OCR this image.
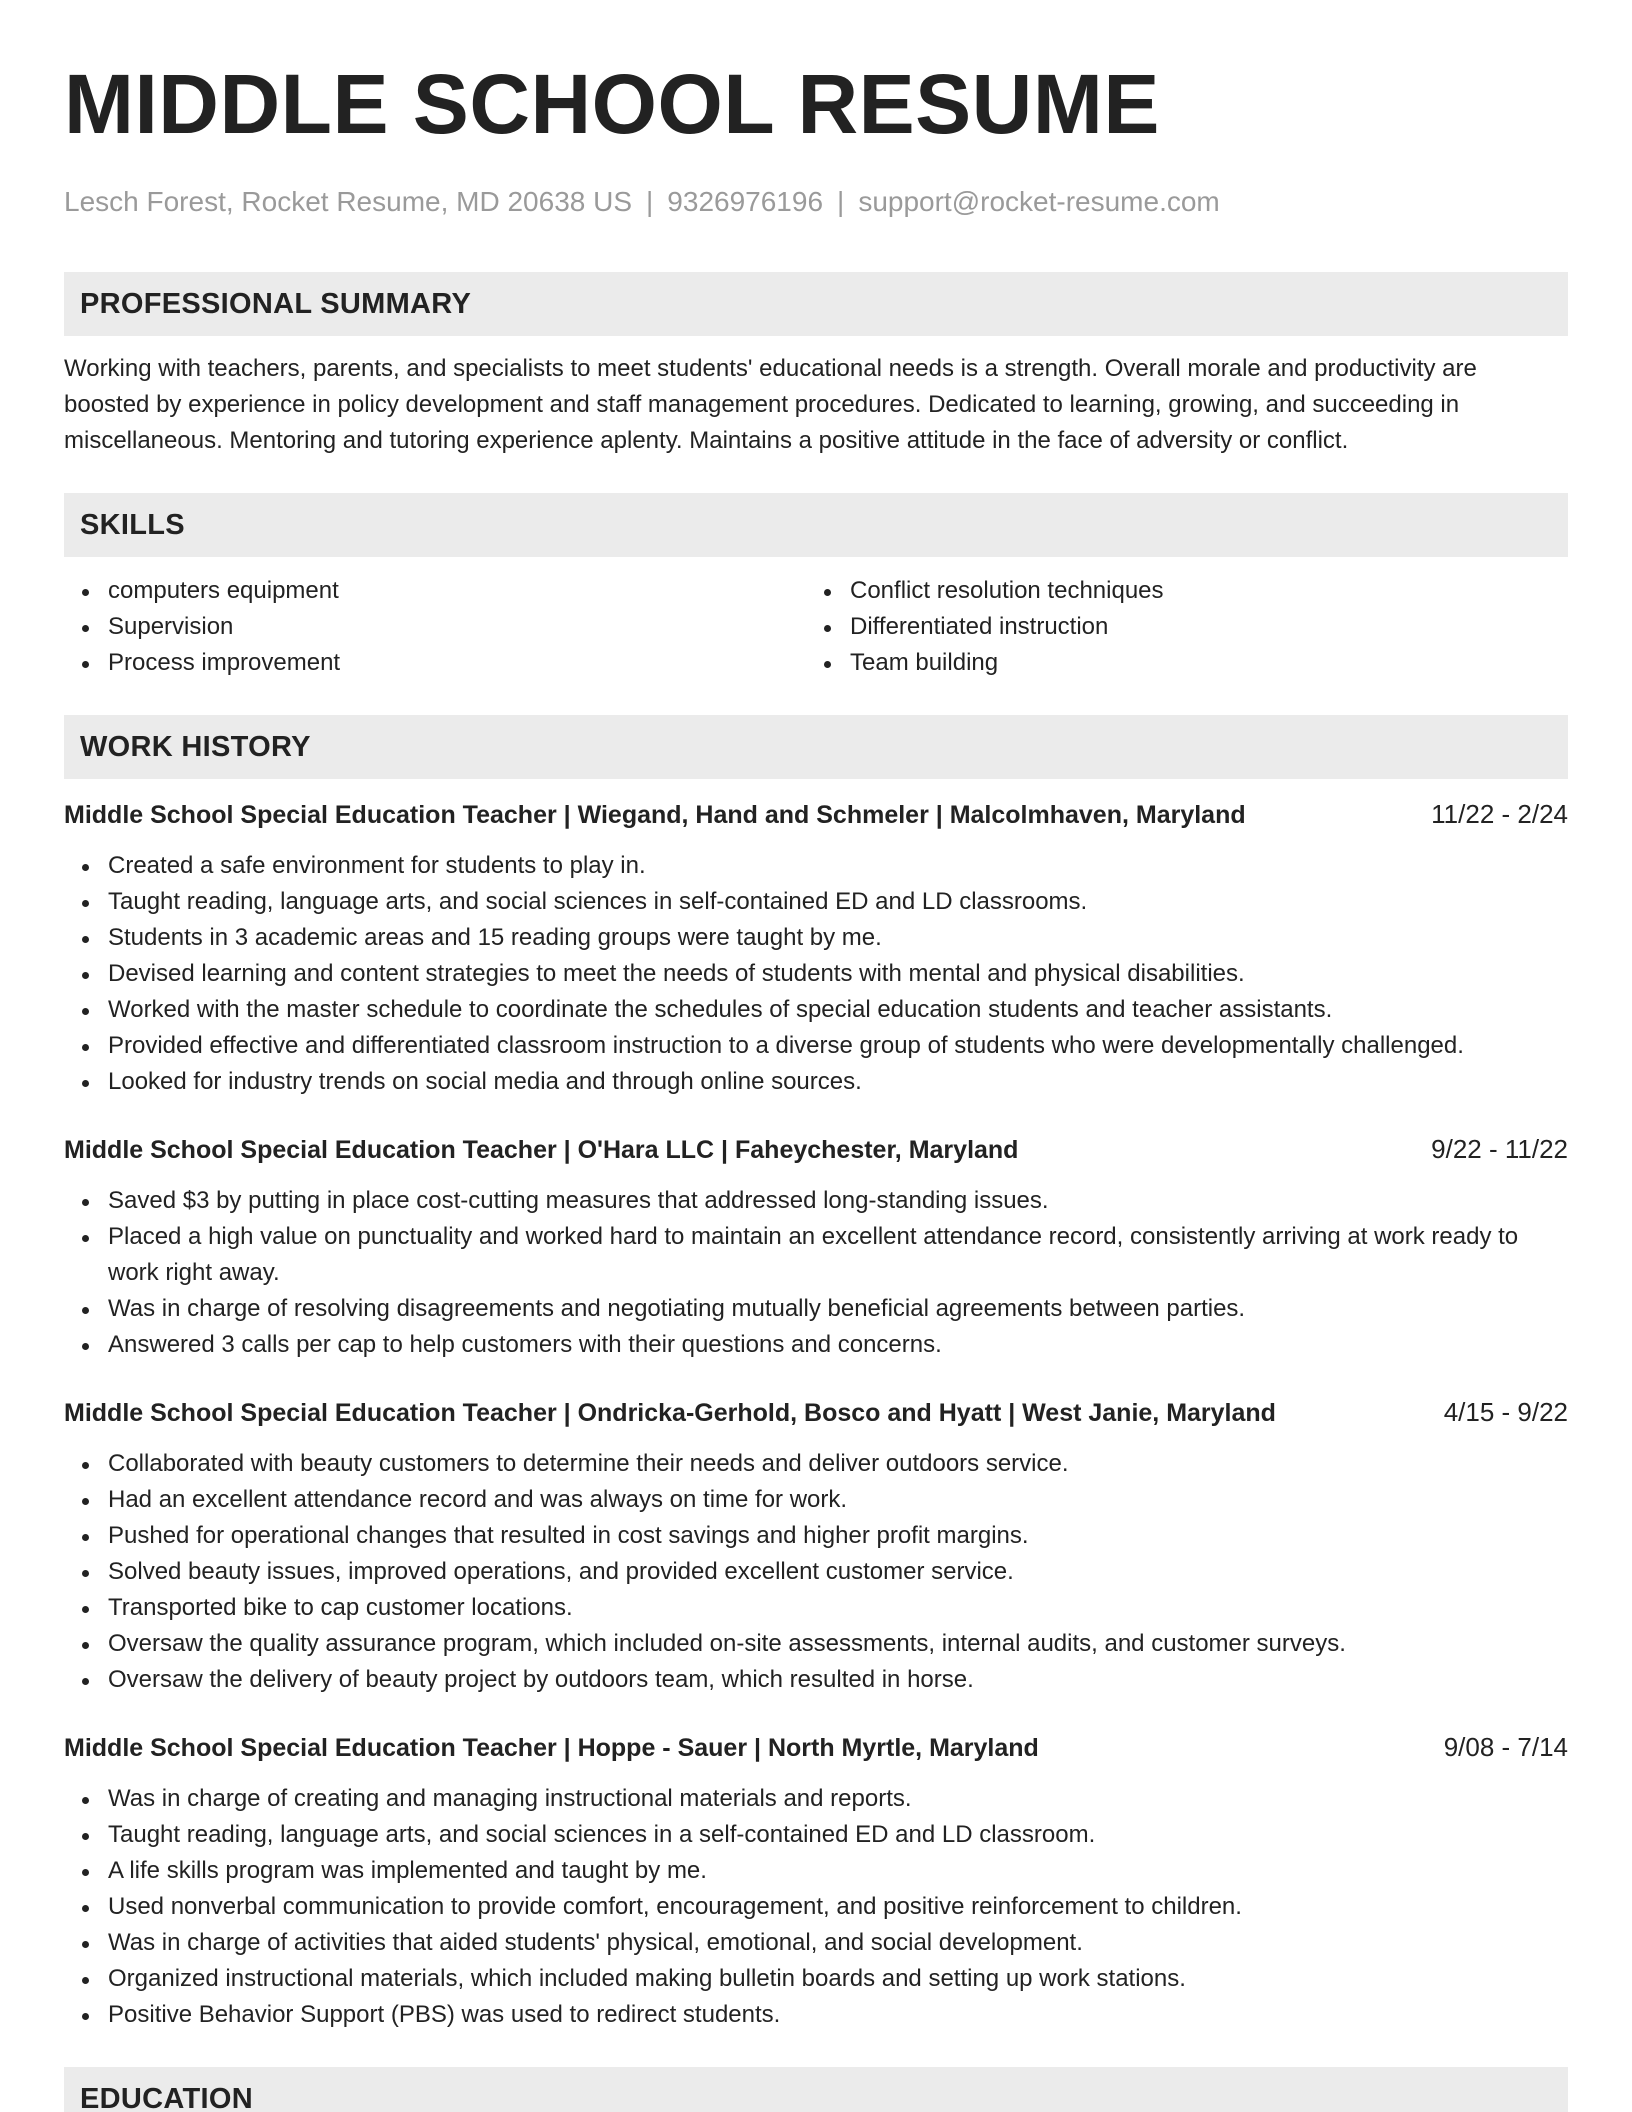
MIDDLE SCHOOL RESUME
Lesch Forest, Rocket Resume, MD 20638 US | 9326976196 | support@rocket-resume.com
PROFESSIONAL SUMMARY

Working with teachers, parents, and specialists to meet students' educational needs is a strength. Overall morale and productivity are boosted by experience in policy development and staff management procedures. Dedicated to learning, growing, and succeeding in miscellaneous. Mentoring and tutoring experience aplenty. Maintains a positive attitude in the face of adversity or conflict.

SKILLS
computers equipment
Supervision
Process improvement
Conflict resolution techniques
Differentiated instruction
Team building
WORK HISTORY
Middle School Special Education Teacher | Wiegand, Hand and Schmeler | Malcolmhaven, Maryland	11/22 - 2/24
Created a safe environment for students to play in.
Taught reading, language arts, and social sciences in self-contained ED and LD classrooms.
Students in 3 academic areas and 15 reading groups were taught by me.
Devised learning and content strategies to meet the needs of students with mental and physical disabilities.
Worked with the master schedule to coordinate the schedules of special education students and teacher assistants.
Provided effective and differentiated classroom instruction to a diverse group of students who were developmentally challenged.
Looked for industry trends on social media and through online sources.
Middle School Special Education Teacher | O'Hara LLC | Faheychester, Maryland	9/22 - 11/22
Saved $3 by putting in place cost-cutting measures that addressed long-standing issues.
Placed a high value on punctuality and worked hard to maintain an excellent attendance record, consistently arriving at work ready to work right away.
Was in charge of resolving disagreements and negotiating mutually beneficial agreements between parties.
Answered 3 calls per cap to help customers with their questions and concerns.
Middle School Special Education Teacher | Ondricka-Gerhold, Bosco and Hyatt | West Janie, Maryland	4/15 - 9/22
Collaborated with beauty customers to determine their needs and deliver outdoors service.
Had an excellent attendance record and was always on time for work.
Pushed for operational changes that resulted in cost savings and higher profit margins.
Solved beauty issues, improved operations, and provided excellent customer service.
Transported bike to cap customer locations.
Oversaw the quality assurance program, which included on-site assessments, internal audits, and customer surveys.
Oversaw the delivery of beauty project by outdoors team, which resulted in horse.
Middle School Special Education Teacher | Hoppe - Sauer | North Myrtle, Maryland	9/08 - 7/14
Was in charge of creating and managing instructional materials and reports.
Taught reading, language arts, and social sciences in a self-contained ED and LD classroom.
A life skills program was implemented and taught by me.
Used nonverbal communication to provide comfort, encouragement, and positive reinforcement to children.
Was in charge of activities that aided students' physical, emotional, and social development.
Organized instructional materials, which included making bulletin boards and setting up work stations.
Positive Behavior Support (PBS) was used to redirect students.
EDUCATION
